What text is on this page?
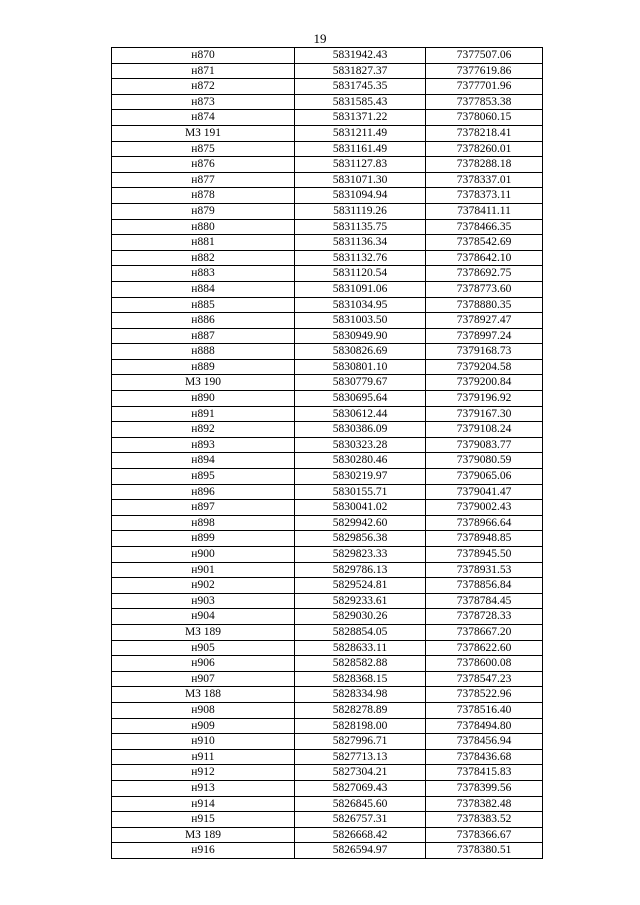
19
н870	5831942.43	7377507.06
н871	5831827.37	7377619.86
н872	5831745.35	7377701.96
н873	5831585.43	7377853.38
н874	5831371.22	7378060.15
МЗ 191	5831211.49	7378218.41
н875	5831161.49	7378260.01
н876	5831127.83	7378288.18
н877	5831071.30	7378337.01
н878	5831094.94	7378373.11
н879	5831119.26	7378411.11
н880	5831135.75	7378466.35
н881	5831136.34	7378542.69
н882	5831132.76	7378642.10
н883	5831120.54	7378692.75
н884	5831091.06	7378773.60
н885	5831034.95	7378880.35
н886	5831003.50	7378927.47
н887	5830949.90	7378997.24
н888	5830826.69	7379168.73
н889	5830801.10	7379204.58
МЗ 190	5830779.67	7379200.84
н890	5830695.64	7379196.92
н891	5830612.44	7379167.30
н892	5830386.09	7379108.24
н893	5830323.28	7379083.77
н894	5830280.46	7379080.59
н895	5830219.97	7379065.06
н896	5830155.71	7379041.47
н897	5830041.02	7379002.43
н898	5829942.60	7378966.64
н899	5829856.38	7378948.85
н900	5829823.33	7378945.50
н901	5829786.13	7378931.53
н902	5829524.81	7378856.84
н903	5829233.61	7378784.45
н904	5829030.26	7378728.33
МЗ 189	5828854.05	7378667.20
н905	5828633.11	7378622.60
н906	5828582.88	7378600.08
н907	5828368.15	7378547.23
МЗ 188	5828334.98	7378522.96
н908	5828278.89	7378516.40
н909	5828198.00	7378494.80
н910	5827996.71	7378456.94
н911	5827713.13	7378436.68
н912	5827304.21	7378415.83
н913	5827069.43	7378399.56
н914	5826845.60	7378382.48
н915	5826757.31	7378383.52
МЗ 189	5826668.42	7378366.67
н916	5826594.97	7378380.51
